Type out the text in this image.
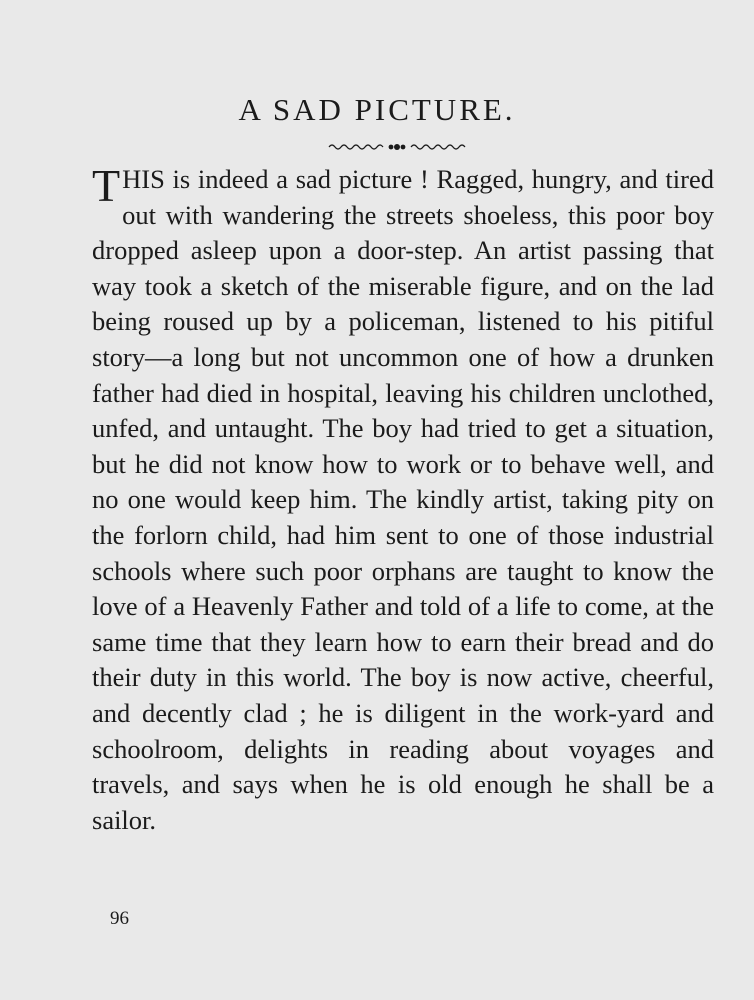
A SAD PICTURE.

THIS is indeed a sad picture ! Ragged, hungry, and tired out with wandering the streets shoeless, this poor boy dropped asleep upon a door-step. An artist passing that way took a sketch of the miserable figure, and on the lad being roused up by a policeman, listened to his pitiful story—a long but not uncommon one of how a drunken father had died in hospital, leaving his children unclothed, unfed, and untaught. The boy had tried to get a situation, but he did not know how to work or to behave well, and no one would keep him. The kindly artist, taking pity on the forlorn child, had him sent to one of those industrial schools where such poor orphans are taught to know the love of a Heavenly Father and told of a life to come, at the same time that they learn how to earn their bread and do their duty in this world. The boy is now active, cheerful, and decently clad ; he is diligent in the work-yard and schoolroom, delights in reading about voyages and travels, and says when he is old enough he shall be a sailor.

96
